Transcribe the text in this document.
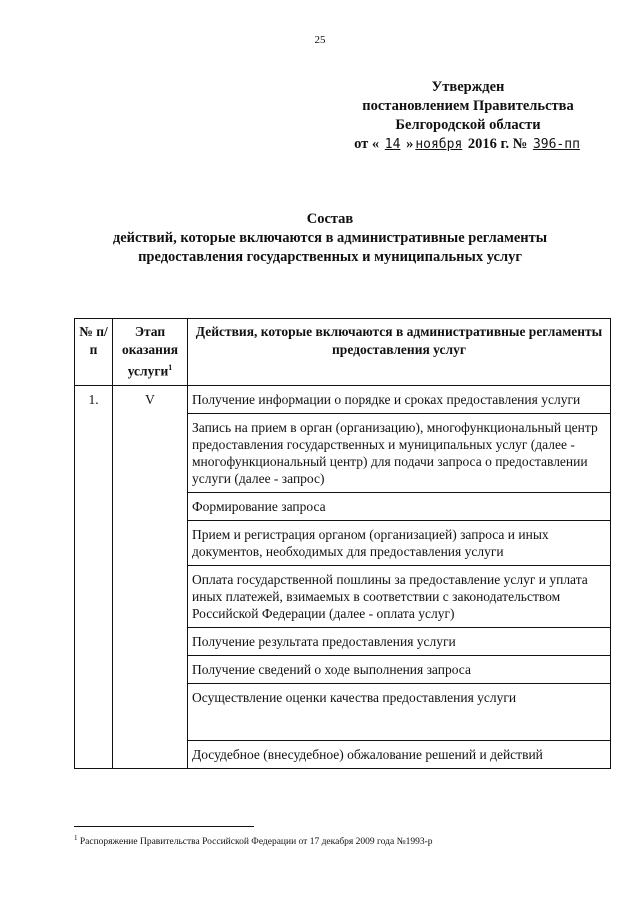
25
Утвержден
постановлением Правительства
Белгородской области
от « 14 » ноября 2016 г. № 396-пп
Состав
действий, которые включаются в административные регламенты
предоставления государственных и муниципальных услуг
№ п/п	Этап оказания услуги$^1$	Действия, которые включаются в административные регламенты предоставления услуг
1.	V	Получение информации о порядке и сроках предоставления услуги
		Запись на прием в орган (организацию), многофункциональный центр предоставления государственных и муниципальных услуг (далее - многофункциональный центр) для подачи запроса о предоставлении услуги (далее - запрос)
		Формирование запроса
		Прием и регистрация органом (организацией) запроса и иных документов, необходимых для предоставления услуги
		Оплата государственной пошлины за предоставление услуг и уплата иных платежей, взимаемых в соответствии с законодательством Российской Федерации (далее - оплата услуг)
		Получение результата предоставления услуги
		Получение сведений о ходе выполнения запроса
		Осуществление оценки качества предоставления услуги
		Досудебное (внесудебное) обжалование решений и действий
$^1$ Распоряжение Правительства Российской Федерации от 17 декабря 2009 года №1993-р
